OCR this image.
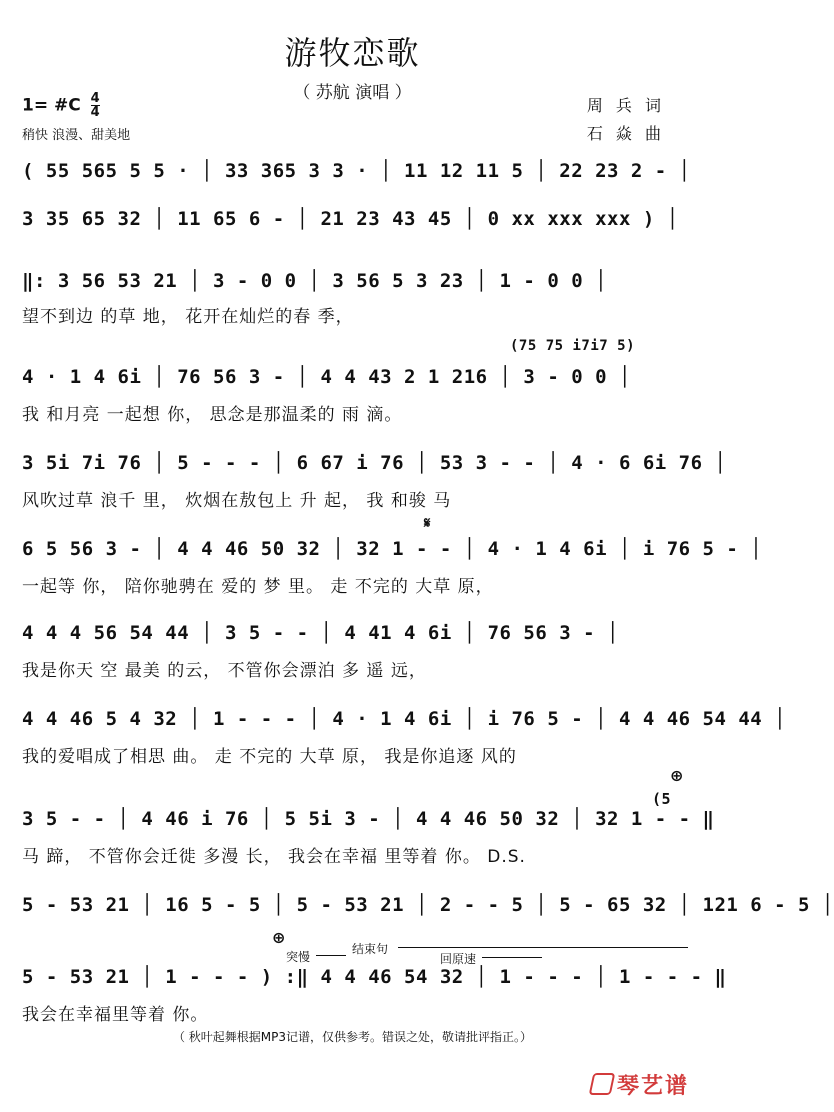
游牧恋歌
（ 苏航 演唱 ）
1= #C $\frac{4}{4}$
稍快 浪漫、甜美地
周 兵 词
石 焱 曲
( 55 565 5 5 · │ 33 365 3 3 · │ 11 12 11 5 │ 22 23 2 - │
3 35 65 32 │ 11 65 6 - │ 21 23 43 45 │ 0 xx xxx xxx ) │
‖: 3 56 53 21 │ 3 - 0 0 │ 3 56 5 3 23 │ 1 - 0 0 │
望不到边 的草 地， 花开在灿烂的春 季，
(75 75 i7i7 5)
4 · 1 4 6i │ 76 56 3 - │ 4 4 43 2 1 216 │ 3 - 0 0 │
我 和月亮 一起想 你， 思念是那温柔的 雨 滴。
3 5i 7i 76 │ 5 - - - │ 6 67 i 76 │ 53 3 - - │ 4 · 6 6i 76 │
风吹过草 浪千 里， 炊烟在敖包上 升 起， 我 和骏 马
𝄋
6 5 56 3 - │ 4 4 46 50 32 │ 32 1 - - │ 4 · 1 4 6i │ i 76 5 - │
一起等 你， 陪你驰骋在 爱的 梦 里。 走 不完的 大草 原，
4 4 4 56 54 44 │ 3 5 - - │ 4 41 4 6i │ 76 56 3 - │
我是你天 空 最美 的云， 不管你会漂泊 多 遥 远，
4 4 46 5 4 32 │ 1 - - - │ 4 · 1 4 6i │ i 76 5 - │ 4 4 46 54 44 │
我的爱唱成了相思 曲。 走 不完的 大草 原， 我是你追逐 风的
⊕
(5
3 5 - - │ 4 46 i 76 │ 5 5i 3 - │ 4 4 46 50 32 │ 32 1 - - ‖
马 蹄， 不管你会迁徙 多漫 长， 我会在幸福 里等着 你。 D.S.
5 - 53 21 │ 16 5 - 5 │ 5 - 53 21 │ 2 - - 5 │ 5 - 65 32 │ 121 6 - 5 │
⊕
突慢
结束句
回原速
5 - 53 21 │ 1 - - - ) :‖ 4 4 46 54 32 │ 1 - - - │ 1 - - - ‖
我会在幸福里等着 你。
（ 秋叶起舞根据MP3记谱，仅供参考。错误之处，敬请批评指正。）
琴艺谱
